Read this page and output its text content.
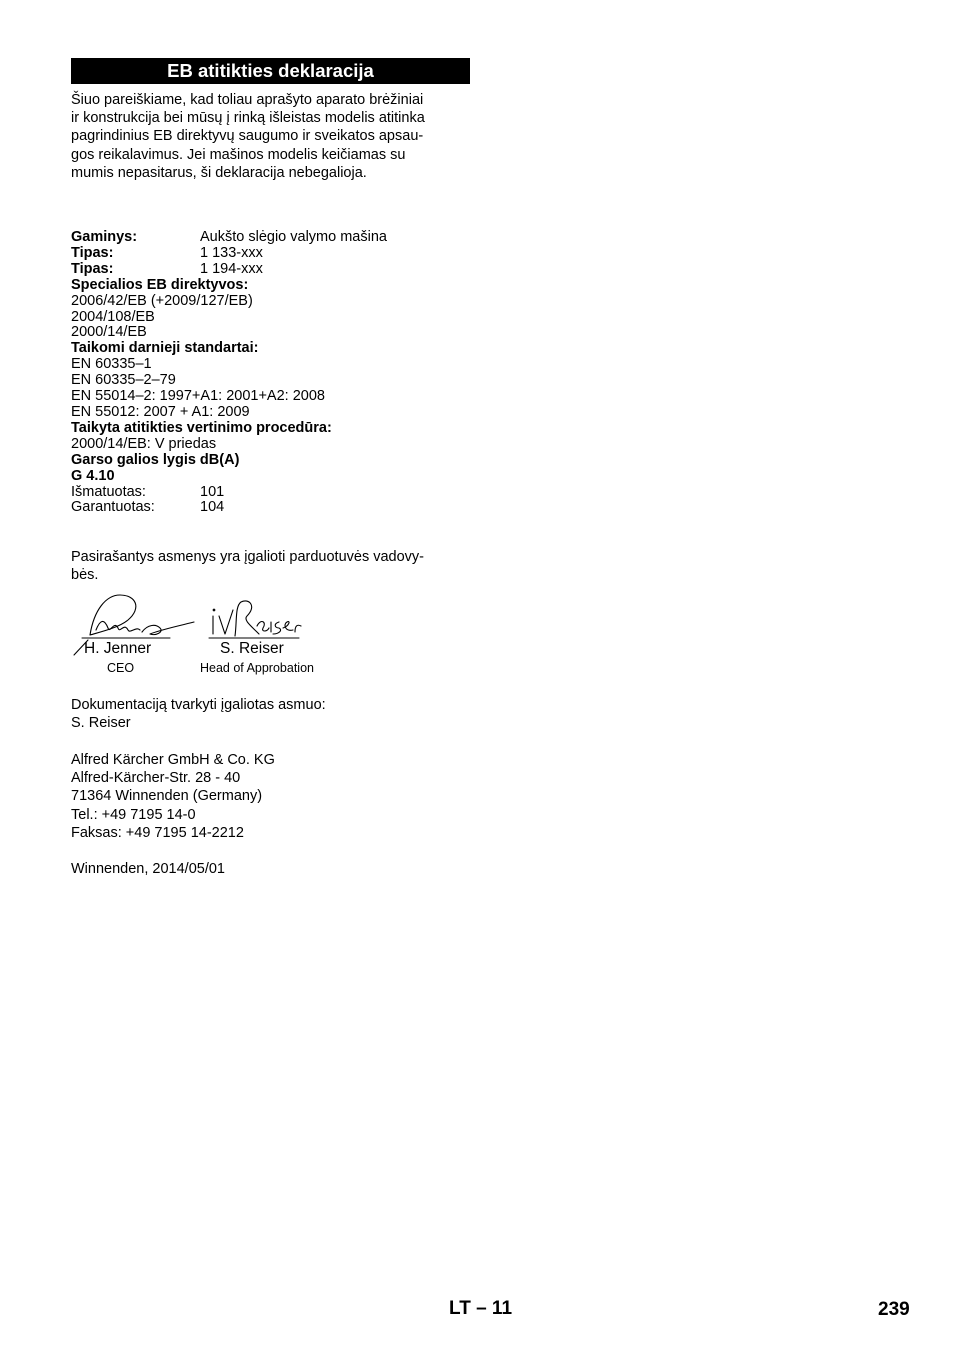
EB atitikties deklaracija
Šiuo pareiškiame, kad toliau aprašyto aparato brėžiniai
ir konstrukcija bei mūsų į rinką išleistas modelis atitinka
pagrindinius EB direktyvų saugumo ir sveikatos apsau-
gos reikalavimus. Jei mašinos modelis keičiamas su
mumis nepasitarus, ši deklaracija nebegalioja.
Gaminys:	Aukšto slėgio valymo mašina
Tipas:	1 133-xxx
Tipas:	1 194-xxx
Specialios EB direktyvos:
2006/42/EB (+2009/127/EB)
2004/108/EB
2000/14/EB
Taikomi darnieji standartai:
EN 60335–1
EN 60335–2–79
EN 55014–2: 1997+A1: 2001+A2: 2008
EN 55012: 2007 + A1: 2009
Taikyta atitikties vertinimo procedūra:
2000/14/EB: V priedas
Garso galios lygis dB(A)
G 4.10
Išmatuotas:	101
Garantuotas:	104
Pasirašantys asmenys yra įgalioti parduotuvės vadovy-
bės.
H. Jenner
CEO
S. Reiser
Head of Approbation
Dokumentaciją tvarkyti įgaliotas asmuo:
S. Reiser
Alfred Kärcher GmbH & Co. KG
Alfred-Kärcher-Str. 28 - 40
71364 Winnenden (Germany)
Tel.: +49 7195 14-0
Faksas: +49 7195 14-2212
Winnenden, 2014/05/01
LT – 11	239
